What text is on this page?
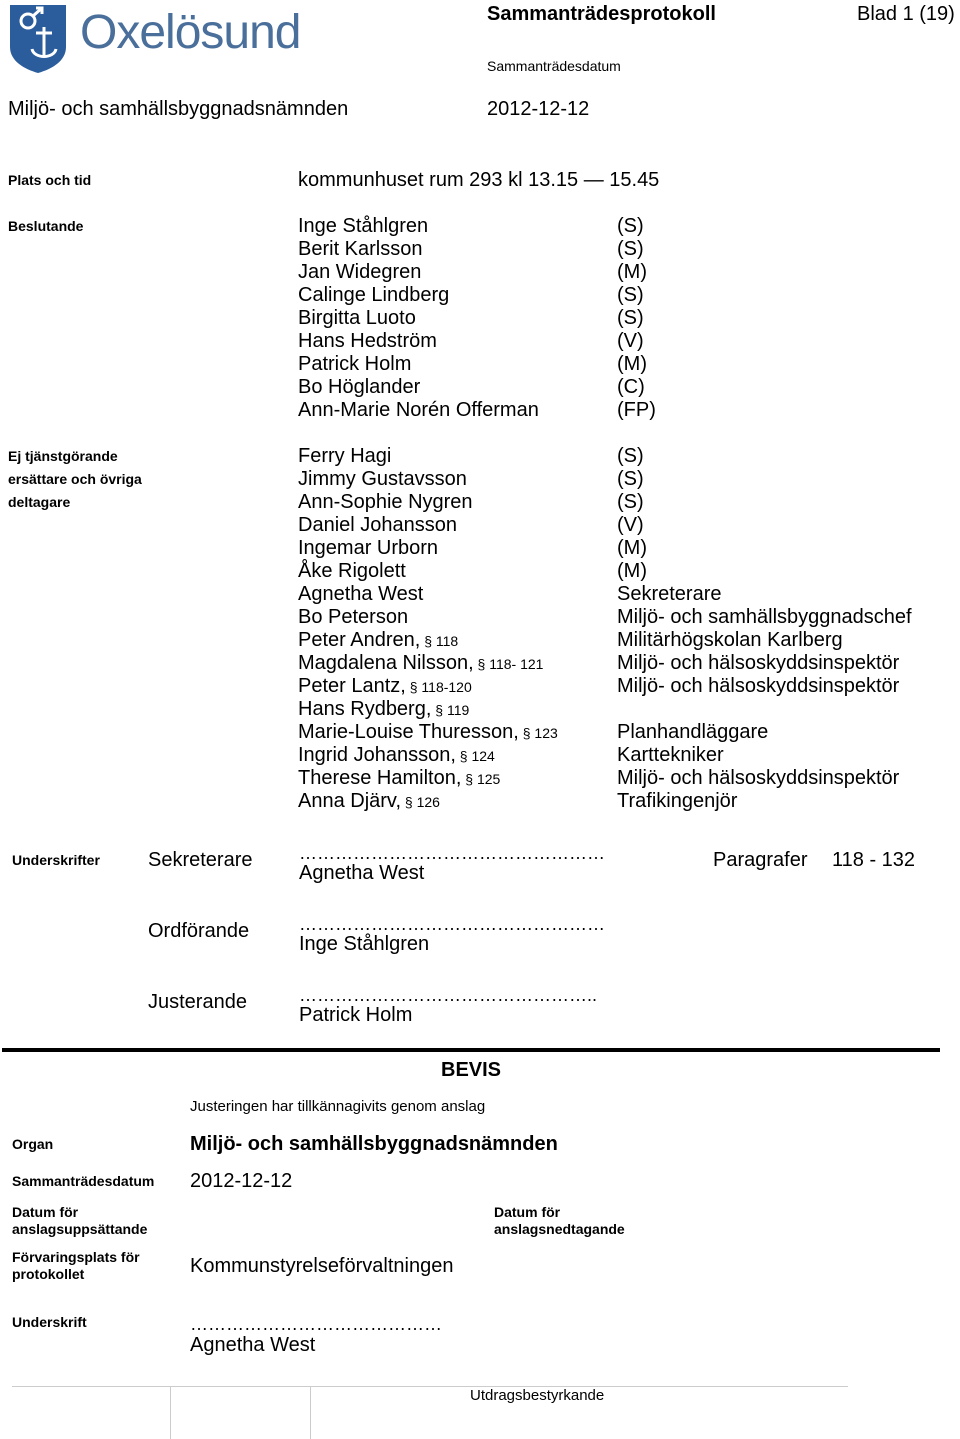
Oxelösund	Sammanträdesprotokoll	Blad 1 (19)
Sammanträdesdatum
Miljö- och samhällsbyggnadsnämnden	2012-12-12
Plats och tid	kommunhuset rum 293 kl 13.15 — 15.45
Beslutande	Inge Ståhlgren	(S)
Berit Karlsson	(S)
Jan Widegren	(M)
Calinge Lindberg	(S)
Birgitta Luoto	(S)
Hans Hedström	(V)
Patrick Holm	(M)
Bo Höglander	(C)
Ann-Marie Norén Offerman	(FP)
Ej tjänstgörande
ersättare och övriga
deltagare
Ferry Hagi	(S)
Jimmy Gustavsson	(S)
Ann-Sophie Nygren	(S)
Daniel Johansson	(V)
Ingemar Urborn	(M)
Åke Rigolett	(M)
Agnetha West	Sekreterare
Bo Peterson	Miljö- och samhällsbyggnadschef
Peter Andren, § 118	Militärhögskolan Karlberg
Magdalena Nilsson, § 118- 121	Miljö- och hälsoskyddsinspektör
Peter Lantz, § 118-120	Miljö- och hälsoskyddsinspektör
Hans Rydberg, § 119
Marie-Louise Thuresson, § 123	Planhandläggare
Ingrid Johansson, § 124	Karttekniker
Therese Hamilton, § 125	Miljö- och hälsoskyddsinspektör
Anna Djärv, § 126	Trafikingenjör
Underskrifter Sekreterare	……………………………………………
Agnetha West
Paragrafer 118 - 132
Ordförande	……………………………………………
Inge Ståhlgren
Justerande	…………………………………………..
Patrick Holm
BEVIS
Justeringen har tillkännagivits genom anslag
Organ	Miljö- och samhällsbyggnadsnämnden
Sammanträdesdatum 2012-12-12
Datum för
anslagsuppsättande
Datum för
anslagsnedtagande
Förvaringsplats för
protokollet	Kommunstyrelseförvaltningen
Underskrift	……………………………………
Agnetha West
Utdragsbestyrkande
